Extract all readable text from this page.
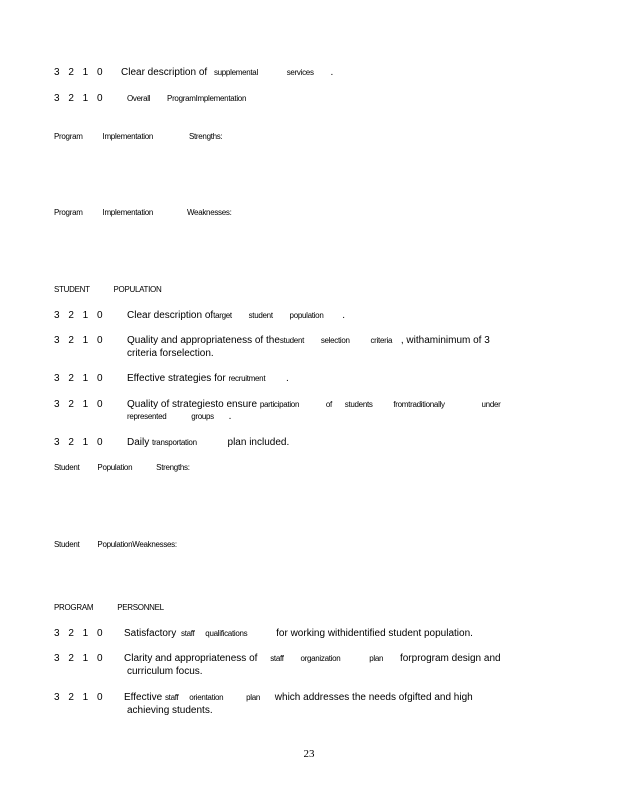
3 2 1 0 Clear description of supplemental	services .
3 2 1 0	Overall ProgramImplementation
Program Implementation	Strengths:
Program Implementation	Weaknesses:
STUDENT	POPULATION
3 2 1 0 Clear description oftarget student population .
3 2 1 0 Quality and appropriateness of thestudent selection	criteria , withaminimum of 3
criteria forselection.
3 2 1 0 Effective strategies for recruitment .
3 2 1 0 Quality of strategiesto ensure participation	of students	fromtraditionally	under
represented	groups .
3 2 1 0 Daily transportation	plan included.
Student Population	Strengths:
Student PopulationWeaknesses:
PROGRAM	PERSONNEL
3 2 1 0 Satisfactory staff qualifications	for working withidentified student population.
3 2 1 0 Clarity and appropriateness of staff organization	plan forprogram design and
curriculum focus.
3 2 1 0 Effective staff orientation	plan which addresses the needs ofgifted and high
achieving students.
23
